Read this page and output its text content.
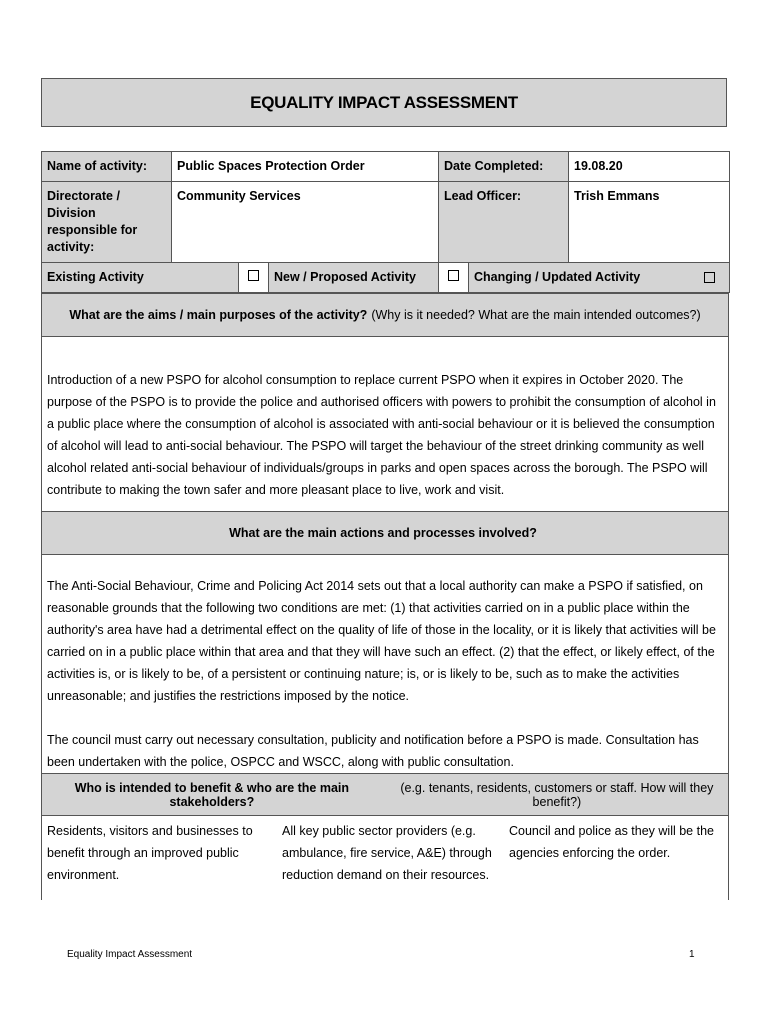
EQUALITY IMPACT ASSESSMENT
Name of activity:	Public Spaces Protection Order			Date Completed:		19.08.20
Directorate / Division responsible for activity:	Community Services			Lead Officer:		Trish Emmans
Existing Activity			New / Proposed Activity		Changing / Updated Activity	
What are the aims / main purposes of the activity? (Why is it needed? What are the main intended outcomes?)
Introduction of a new PSPO for alcohol consumption to replace current PSPO when it expires in October 2020. The purpose of the PSPO is to provide the police and authorised officers with powers to prohibit the consumption of alcohol in a public place where the consumption of alcohol is associated with anti-social behaviour or it is believed the consumption of alcohol will lead to anti-social behaviour. The PSPO will target the behaviour of the street drinking community as well alcohol related anti-social behaviour of individuals/groups in parks and open spaces across the borough. The PSPO will contribute to making the town safer and more pleasant place to live, work and visit.
What are the main actions and processes involved?
The Anti-Social Behaviour, Crime and Policing Act 2014 sets out that a local authority can make a PSPO if satisfied, on reasonable grounds that the following two conditions are met: (1) that activities carried on in a public place within the authority's area have had a detrimental effect on the quality of life of those in the locality, or it is likely that activities will be carried on in a public place within that area and that they will have such an effect. (2) that the effect, or likely effect, of the activities is, or is likely to be, of a persistent or continuing nature; is, or is likely to be, such as to make the activities unreasonable; and justifies the restrictions imposed by the notice.
The council must carry out necessary consultation, publicity and notification before a PSPO is made. Consultation has been undertaken with the police, OSPCC and WSCC, along with public consultation.
Who is intended to benefit & who are the main stakeholders?
(e.g. tenants, residents, customers or staff. How will they benefit?)
Residents, visitors and businesses to benefit through an improved public environment.
All key public sector providers (e.g. ambulance, fire service, A&E) through reduction demand on their resources.
Council and police as they will be the agencies enforcing the order.
Equality Impact Assessment	1
